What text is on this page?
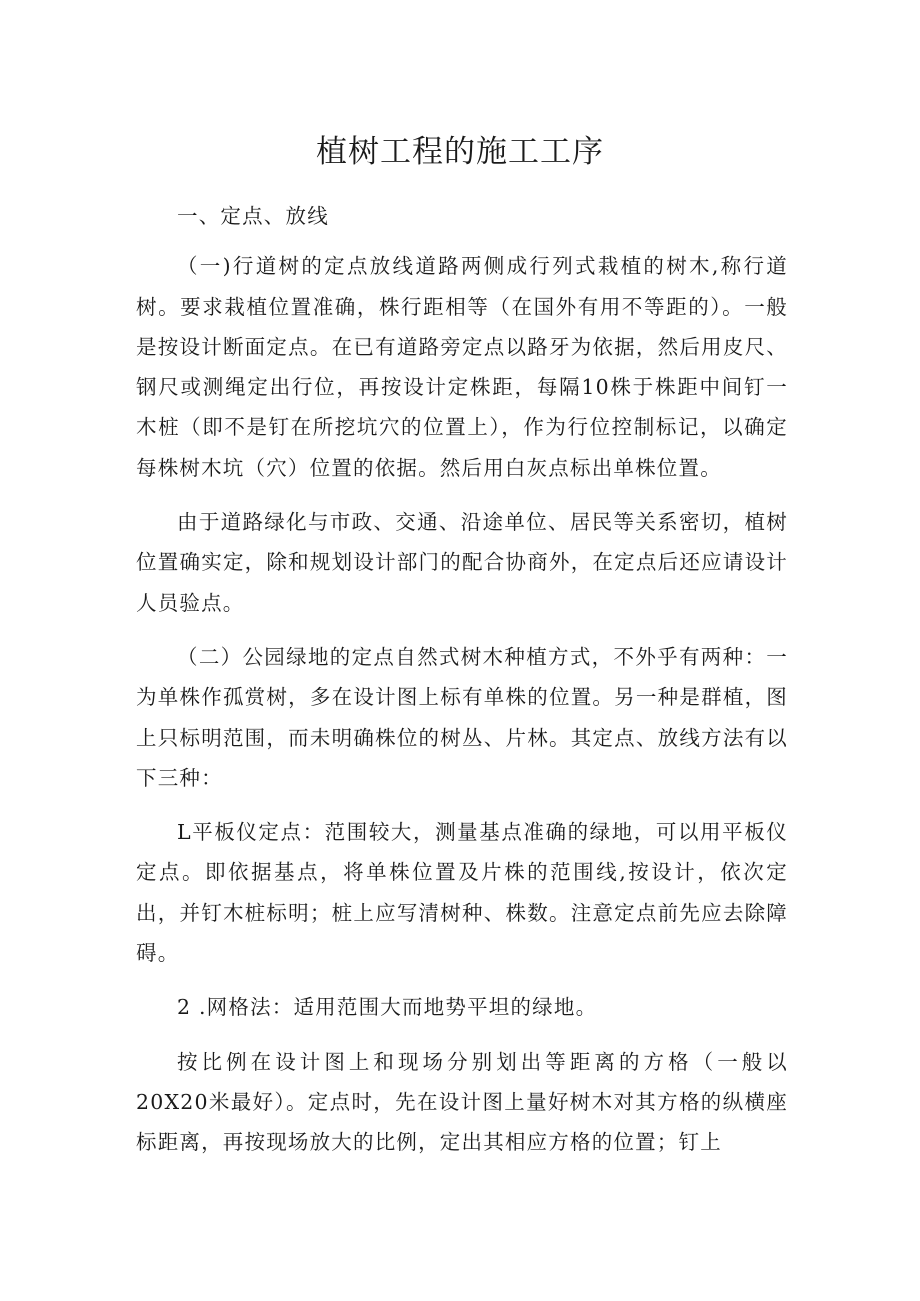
植树工程的施工工序

一、定点、放线

（一)行道树的定点放线道路两侧成行列式栽植的树木,称行道树。要求栽植位置准确，株行距相等（在国外有用不等距的）。一般是按设计断面定点。在已有道路旁定点以路牙为依据，然后用皮尺、钢尺或测绳定出行位，再按设计定株距，每隔10株于株距中间钉一木桩（即不是钉在所挖坑穴的位置上），作为行位控制标记，以确定每株树木坑（穴）位置的依据。然后用白灰点标出单株位置。

由于道路绿化与市政、交通、沿途单位、居民等关系密切，植树位置确实定，除和规划设计部门的配合协商外，在定点后还应请设计人员验点。

（二）公园绿地的定点自然式树木种植方式，不外乎有两种：一为单株作孤赏树，多在设计图上标有单株的位置。另一种是群植，图上只标明范围，而未明确株位的树丛、片林。其定点、放线方法有以下三种：

L平板仪定点：范围较大，测量基点准确的绿地，可以用平板仪定点。即依据基点，将单株位置及片株的范围线,按设计，依次定出，并钉木桩标明；桩上应写清树种、株数。注意定点前先应去除障碍。

2 .网格法：适用范围大而地势平坦的绿地。

按比例在设计图上和现场分别划出等距离的方格（一般以20X20米最好）。定点时，先在设计图上量好树木对其方格的纵横座标距离，再按现场放大的比例，定出其相应方格的位置；钉上
